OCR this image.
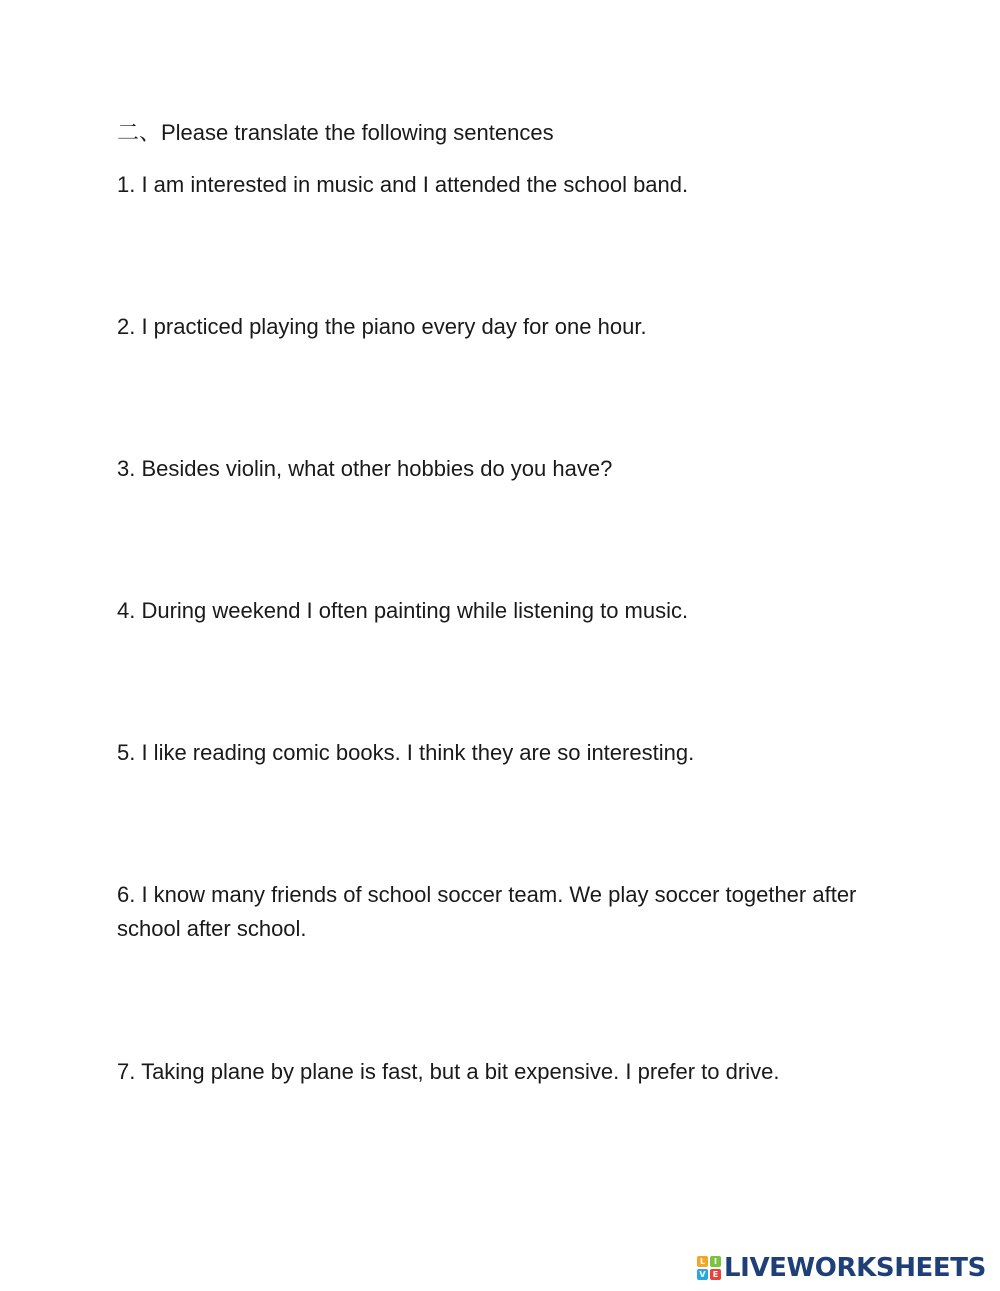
二、Please translate the following sentences

1. I am interested in music and I attended the school band.

2. I practiced playing the piano every day for one hour.

3. Besides violin, what other hobbies do you have?

4. During weekend I often painting while listening to music.

5. I like reading comic books. I think they are so interesting.

6. I know many friends of school soccer team. We play soccer together after school after school.

7. Taking plane by plane is fast, but a bit expensive. I prefer to drive.

L	I
V E LIVEWORKSHEETS
